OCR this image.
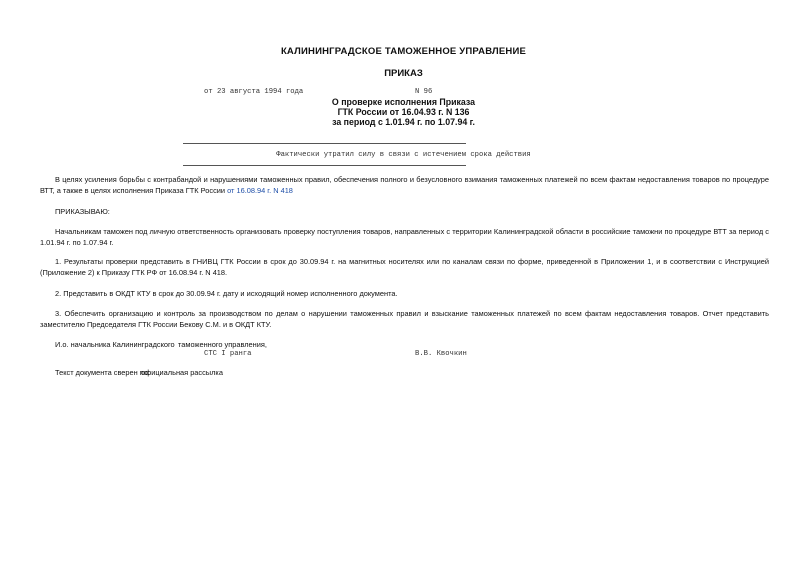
КАЛИНИНГРАДСКОЕ ТАМОЖЕННОЕ УПРАВЛЕНИЕ
ПРИКАЗ
от 23 августа 1994 года	N 96
О проверке исполнения Приказа
ГТК России от 16.04.93 г. N 136
за период с 1.01.94 г. по 1.07.94 г.
Фактически утратил силу в связи с истечением срока действия
В целях усиления борьбы с контрабандой и нарушениями таможенных правил, обеспечения полного и безусловного взимания таможенных платежей по всем фактам недоставления товаров по процедуре ВТТ, а также в целях исполнения Приказа ГТК России от 16.08.94 г. N 418
ПРИКАЗЫВАЮ:
Начальникам таможен под личную ответственность организовать проверку поступления товаров, направленных с территории Калининградской области в российские таможни по процедуре ВТТ за период с 1.01.94 г. по 1.07.94 г.
1. Результаты проверки представить в ГНИВЦ ГТК России в срок до 30.09.94 г. на магнитных носителях или по каналам связи по форме, приведенной в Приложении 1, и в соответствии с Инструкцией (Приложение 2) к Приказу ГТК РФ от 16.08.94 г. N 418.
2. Представить в ОКДТ КТУ в срок до 30.09.94 г. дату и исходящий номер исполненного документа.
3. Обеспечить организацию и контроль за производством по делам о нарушении таможенных правил и взыскание таможенных платежей по всем фактам недоставления товаров. Отчет представить заместителю Председателя ГТК России Бекову С.М. и в ОКДТ КТУ.
И.о. начальника Калининградского таможенного управления,
СТС I ранга	В.В. Квочкин
Текст документа сверен по:
официальная рассылка
